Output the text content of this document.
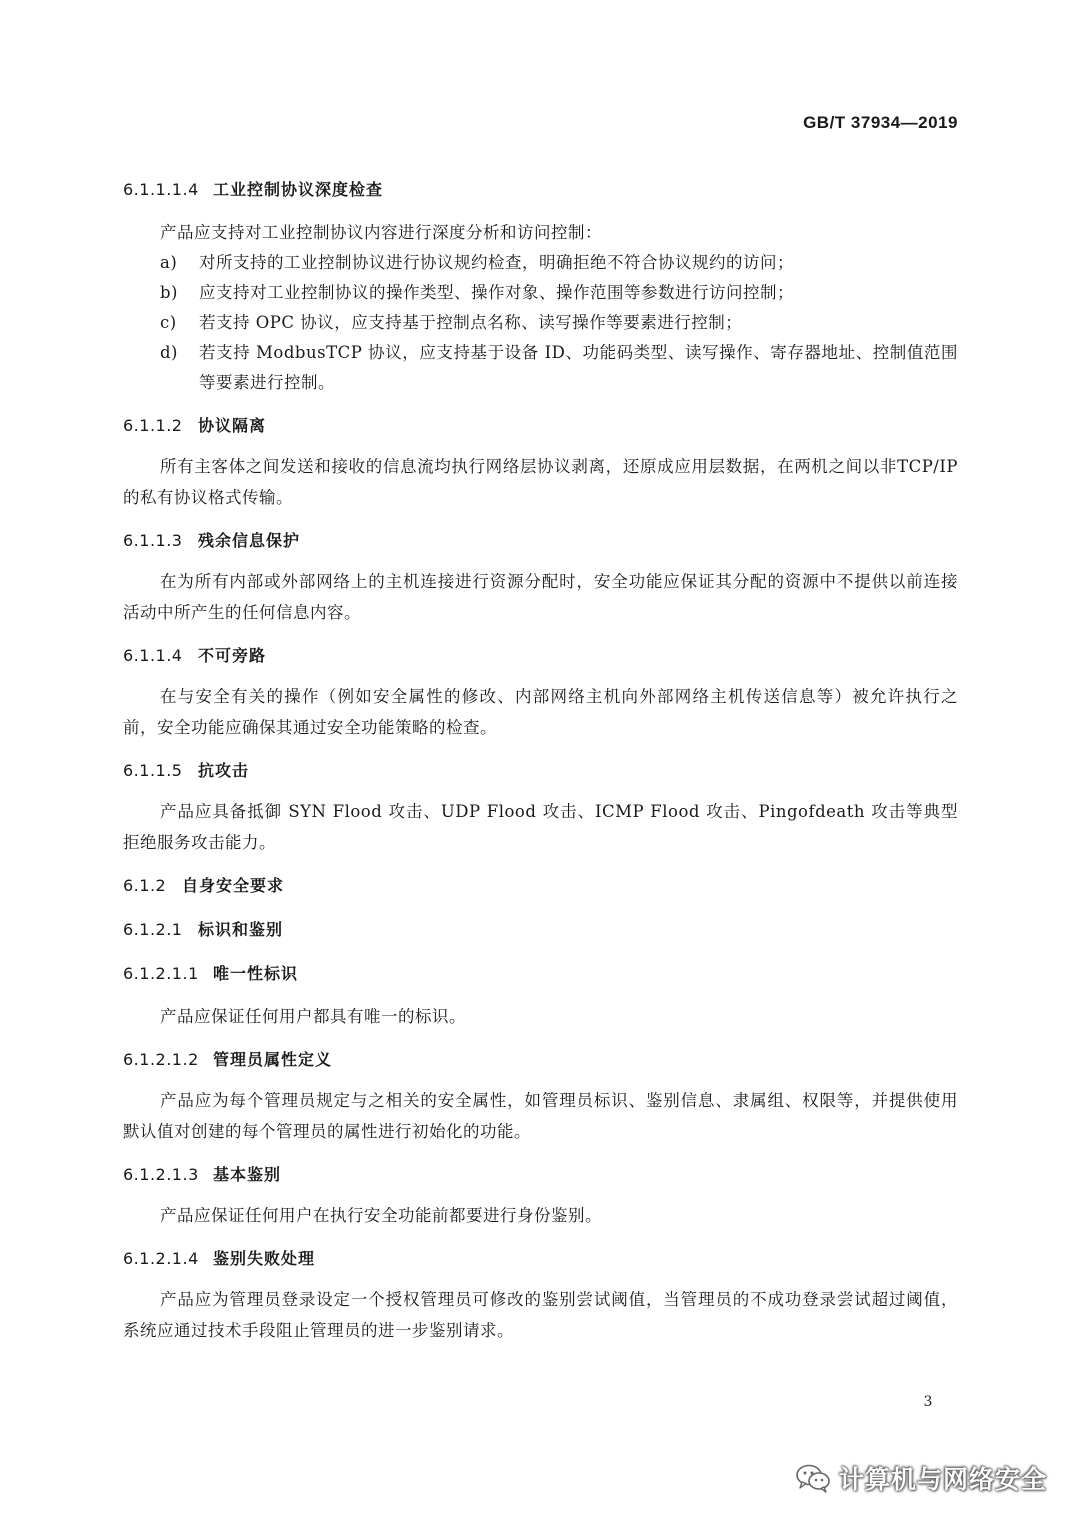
GB/T 37934—2019
6.1.1.1.4 工业控制协议深度检查
产品应支持对工业控制协议内容进行深度分析和访问控制：
a)	对所支持的工业控制协议进行协议规约检查，明确拒绝不符合协议规约的访问；
b)	应支持对工业控制协议的操作类型、操作对象、操作范围等参数进行访问控制；
c)	若支持 OPC 协议，应支持基于控制点名称、读写操作等要素进行控制；
d)	若支持 ModbusTCP 协议，应支持基于设备 ID、功能码类型、读写操作、寄存器地址、控制值范围等要素进行控制。
6.1.1.2 协议隔离
所有主客体之间发送和接收的信息流均执行网络层协议剥离，还原成应用层数据，在两机之间以非TCP/IP 的私有协议格式传输。
6.1.1.3 残余信息保护
在为所有内部或外部网络上的主机连接进行资源分配时，安全功能应保证其分配的资源中不提供以前连接活动中所产生的任何信息内容。
6.1.1.4 不可旁路
在与安全有关的操作（例如安全属性的修改、内部网络主机向外部网络主机传送信息等）被允许执行之前，安全功能应确保其通过安全功能策略的检查。
6.1.1.5 抗攻击
产品应具备抵御 SYN Flood 攻击、UDP Flood 攻击、ICMP Flood 攻击、Pingofdeath 攻击等典型拒绝服务攻击能力。
6.1.2 自身安全要求
6.1.2.1 标识和鉴别
6.1.2.1.1 唯一性标识
产品应保证任何用户都具有唯一的标识。
6.1.2.1.2 管理员属性定义
产品应为每个管理员规定与之相关的安全属性，如管理员标识、鉴别信息、隶属组、权限等，并提供使用默认值对创建的每个管理员的属性进行初始化的功能。
6.1.2.1.3 基本鉴别
产品应保证任何用户在执行安全功能前都要进行身份鉴别。
6.1.2.1.4 鉴别失败处理
产品应为管理员登录设定一个授权管理员可修改的鉴别尝试阈值，当管理员的不成功登录尝试超过阈值，系统应通过技术手段阻止管理员的进一步鉴别请求。
3
计算机与网络安全
